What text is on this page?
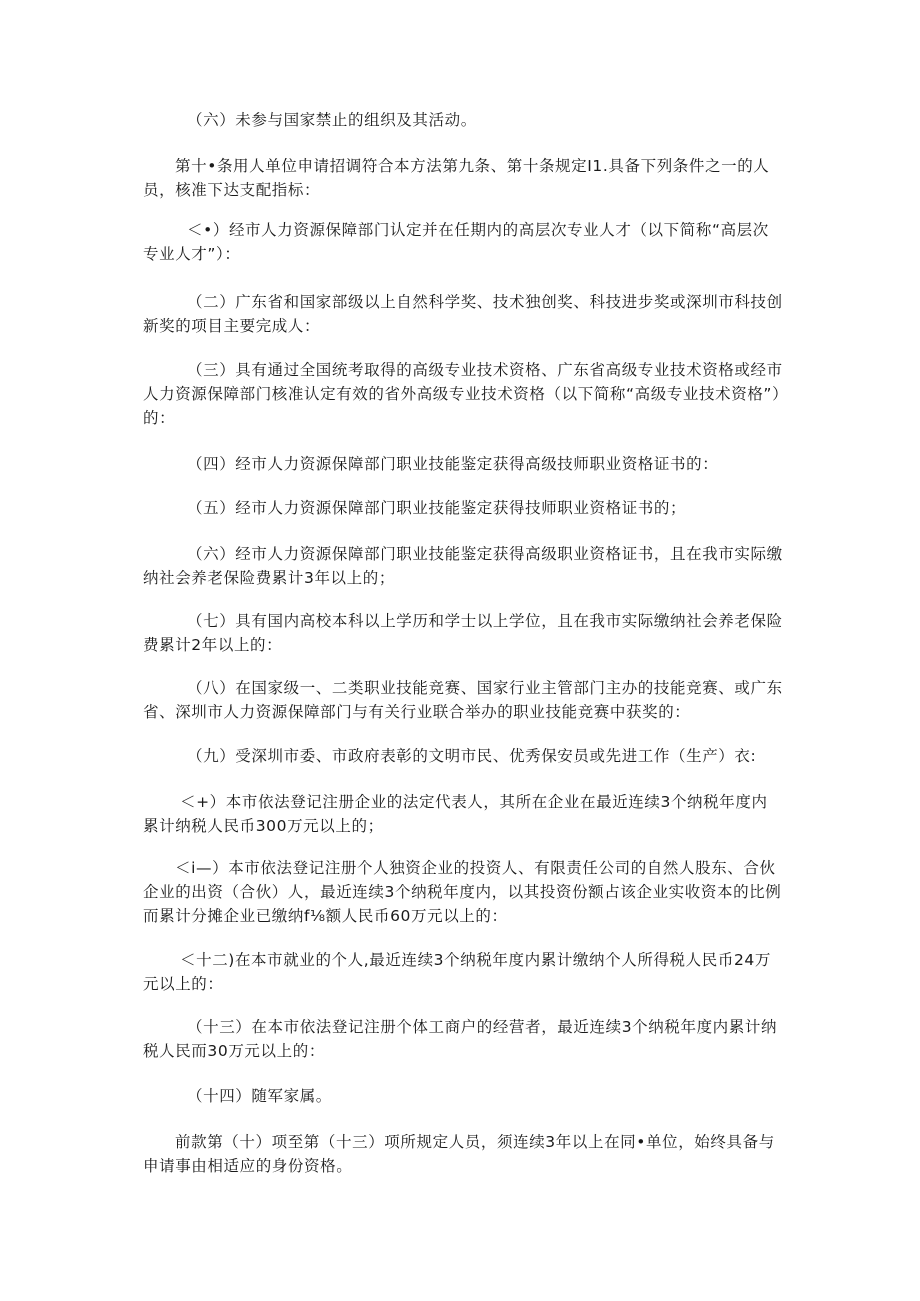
（六）未参与国家禁止的组织及其活动。

第十•条用人单位申请招调符合本方法第九条、第十条规定I1.具备下列条件之一的人员，核准下达支配指标：

＜•）经市人力资源保障部门认定并在任期内的高层次专业人才（以下简称“高层次专业人才”）：

（二）广东省和国家部级以上自然科学奖、技术独创奖、科技进步奖或深圳市科技创新奖的项目主要完成人：

（三）具有通过全国统考取得的高级专业技术资格、广东省高级专业技术资格或经市人力资源保障部门核准认定有效的省外高级专业技术资格（以下简称“高级专业技术资格”）的：

（四）经市人力资源保障部门职业技能鉴定获得高级技师职业资格证书的：

（五）经市人力资源保障部门职业技能鉴定获得技师职业资格证书的；

（六）经市人力资源保障部门职业技能鉴定获得高级职业资格证书，且在我市实际缴纳社会养老保险费累计3年以上的；

（七）具有国内高校本科以上学历和学士以上学位，且在我市实际缴纳社会养老保险费累计2年以上的：

（八）在国家级一、二类职业技能竞赛、国家行业主管部门主办的技能竞赛、或广东省、深圳市人力资源保障部门与有关行业联合举办的职业技能竞赛中获奖的：

（九）受深圳市委、市政府表彰的文明市民、优秀保安员或先进工作（生产）衣:

＜+）本市依法登记注册企业的法定代表人，其所在企业在最近连续3个纳税年度内累计纳税人民币300万元以上的；

＜i—）本市依法登记注册个人独资企业的投资人、有限责任公司的自然人股东、合伙企业的出资（合伙）人，最近连续3个纳税年度内，以其投资份额占该企业实收资本的比例而累计分摊企业已缴纳f⅛额人民币60万元以上的：

＜十二)在本市就业的个人,最近连续3个纳税年度内累计缴纳个人所得税人民币24万元以上的：

（十三）在本市依法登记注册个体工商户的经营者，最近连续3个纳税年度内累计纳税人民而30万元以上的：

（十四）随军家属。

前款第（十）项至第（十三）项所规定人员，须连续3年以上在同•单位，始终具备与申请事由相适应的身份资格。
